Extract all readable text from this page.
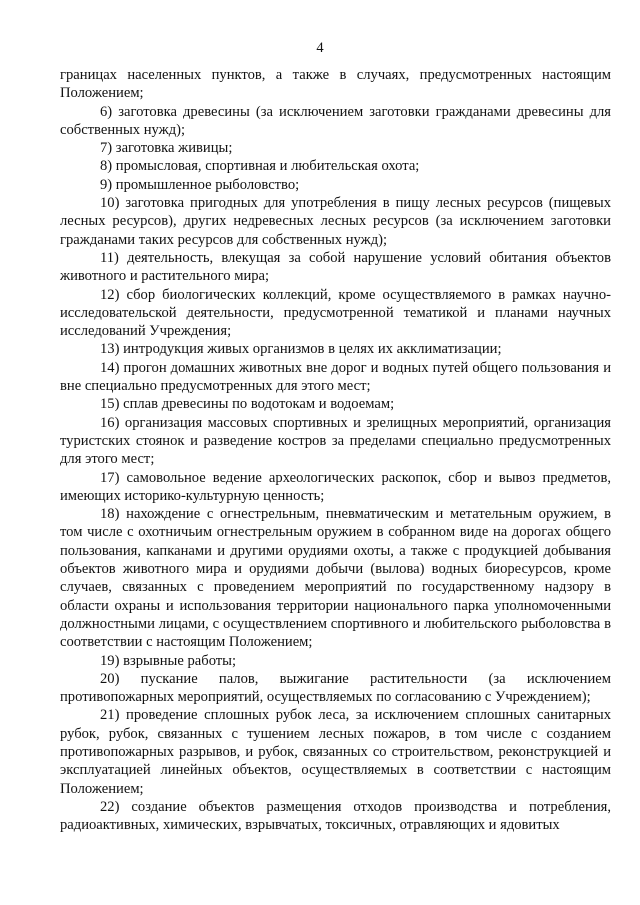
4

границах населенных пунктов, а также в случаях, предусмотренных настоящим Положением;

6) заготовка древесины (за исключением заготовки гражданами древесины для собственных нужд);

7) заготовка живицы;

8) промысловая, спортивная и любительская охота;

9) промышленное рыболовство;

10) заготовка пригодных для употребления в пищу лесных ресурсов (пищевых лесных ресурсов), других недревесных лесных ресурсов (за исключением заготовки гражданами таких ресурсов для собственных нужд);

11) деятельность, влекущая за собой нарушение условий обитания объектов животного и растительного мира;

12) сбор биологических коллекций, кроме осуществляемого в рамках научно-исследовательской деятельности, предусмотренной тематикой и планами научных исследований Учреждения;

13) интродукция живых организмов в целях их акклиматизации;

14) прогон домашних животных вне дорог и водных путей общего пользования и вне специально предусмотренных для этого мест;

15) сплав древесины по водотокам и водоемам;

16) организация массовых спортивных и зрелищных мероприятий, организация туристских стоянок и разведение костров за пределами специально предусмотренных для этого мест;

17) самовольное ведение археологических раскопок, сбор и вывоз предметов, имеющих историко-культурную ценность;

18) нахождение с огнестрельным, пневматическим и метательным оружием, в том числе с охотничьим огнестрельным оружием в собранном виде на дорогах общего пользования, капканами и другими орудиями охоты, а также с продукцией добывания объектов животного мира и орудиями добычи (вылова) водных биоресурсов, кроме случаев, связанных с проведением мероприятий по государственному надзору в области охраны и использования территории национального парка уполномоченными должностными лицами, с осуществлением спортивного и любительского рыболовства в соответствии с настоящим Положением;

19) взрывные работы;

20) пускание палов, выжигание растительности (за исключением противопожарных мероприятий, осуществляемых по согласованию с Учреждением);

21) проведение сплошных рубок леса, за исключением сплошных санитарных рубок, рубок, связанных с тушением лесных пожаров, в том числе с созданием противопожарных разрывов, и рубок, связанных со строительством, реконструкцией и эксплуатацией линейных объектов, осуществляемых в соответствии с настоящим Положением;

22) создание объектов размещения отходов производства и потребления, радиоактивных, химических, взрывчатых, токсичных, отравляющих и ядовитых
